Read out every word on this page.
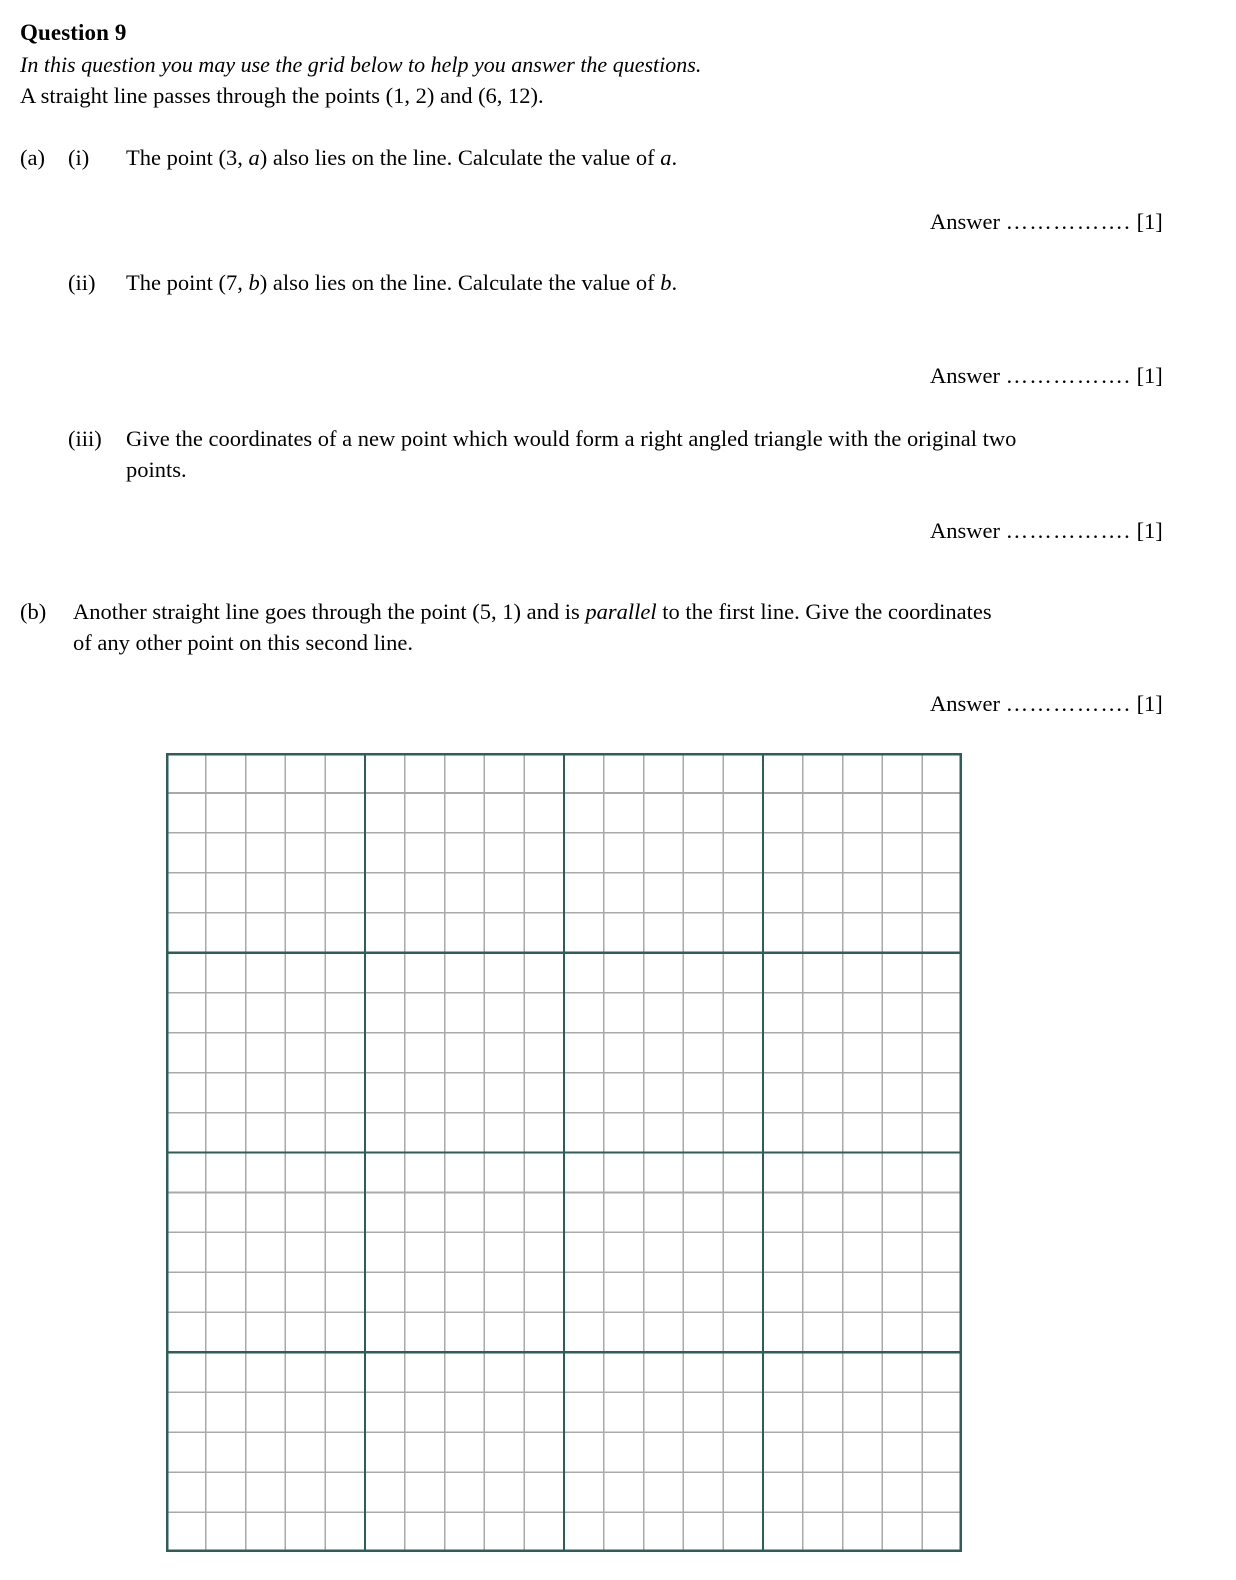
Question 9
In this question you may use the grid below to help you answer the questions.
A straight line passes through the points (1, 2) and (6, 12).
(a)	(i)	The point (3, a) also lies on the line. Calculate the value of a.
Answer ……………. [1]
(ii)	The point (7, b) also lies on the line. Calculate the value of b.
Answer ……………. [1]
(iii)	Give the coordinates of a new point which would form a right angled triangle with the original two
points.
Answer ……………. [1]
(b)	Another straight line goes through the point (5, 1) and is parallel to the first line. Give the coordinates
of any other point on this second line.
Answer ……………. [1]
